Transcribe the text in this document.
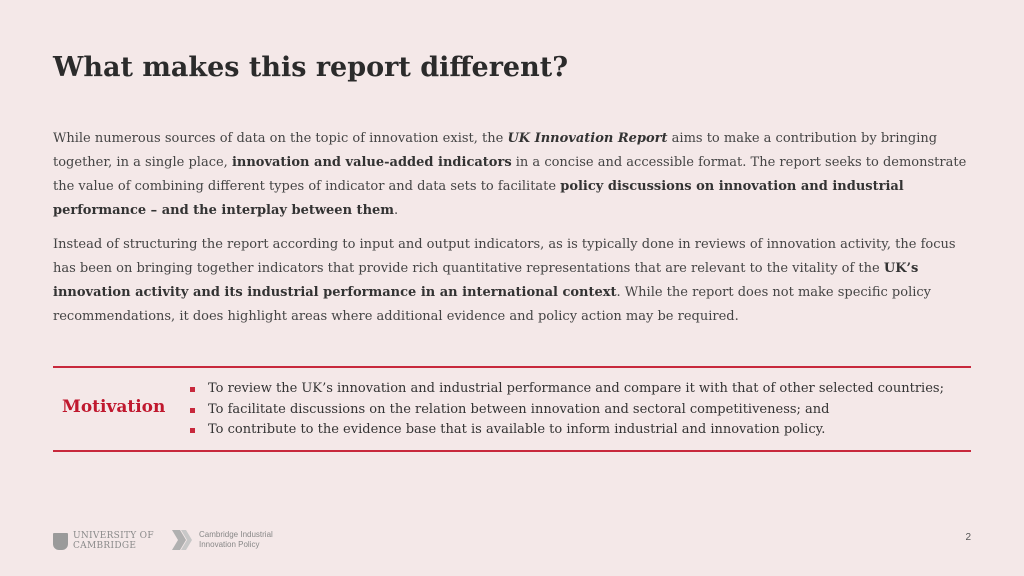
What makes this report different?

While numerous sources of data on the topic of innovation exist, the UK Innovation Report aims to make a contribution by bringing together, in a single place, innovation and value-added indicators in a concise and accessible format. The report seeks to demonstrate the value of combining different types of indicator and data sets to facilitate policy discussions on innovation and industrial performance – and the interplay between them.

Instead of structuring the report according to input and output indicators, as is typically done in reviews of innovation activity, the focus has been on bringing together indicators that provide rich quantitative representations that are relevant to the vitality of the UK’s innovation activity and its industrial performance in an international context. While the report does not make specific policy recommendations, it does highlight areas where additional evidence and policy action may be required.

Motivation
To review the UK’s innovation and industrial performance and compare it with that of other selected countries;
To facilitate discussions on the relation between innovation and sectoral competitiveness; and
To contribute to the evidence base that is available to inform industrial and innovation policy.
UNIVERSITY OF
CAMBRIDGE
Cambridge Industrial
Innovation Policy
2
